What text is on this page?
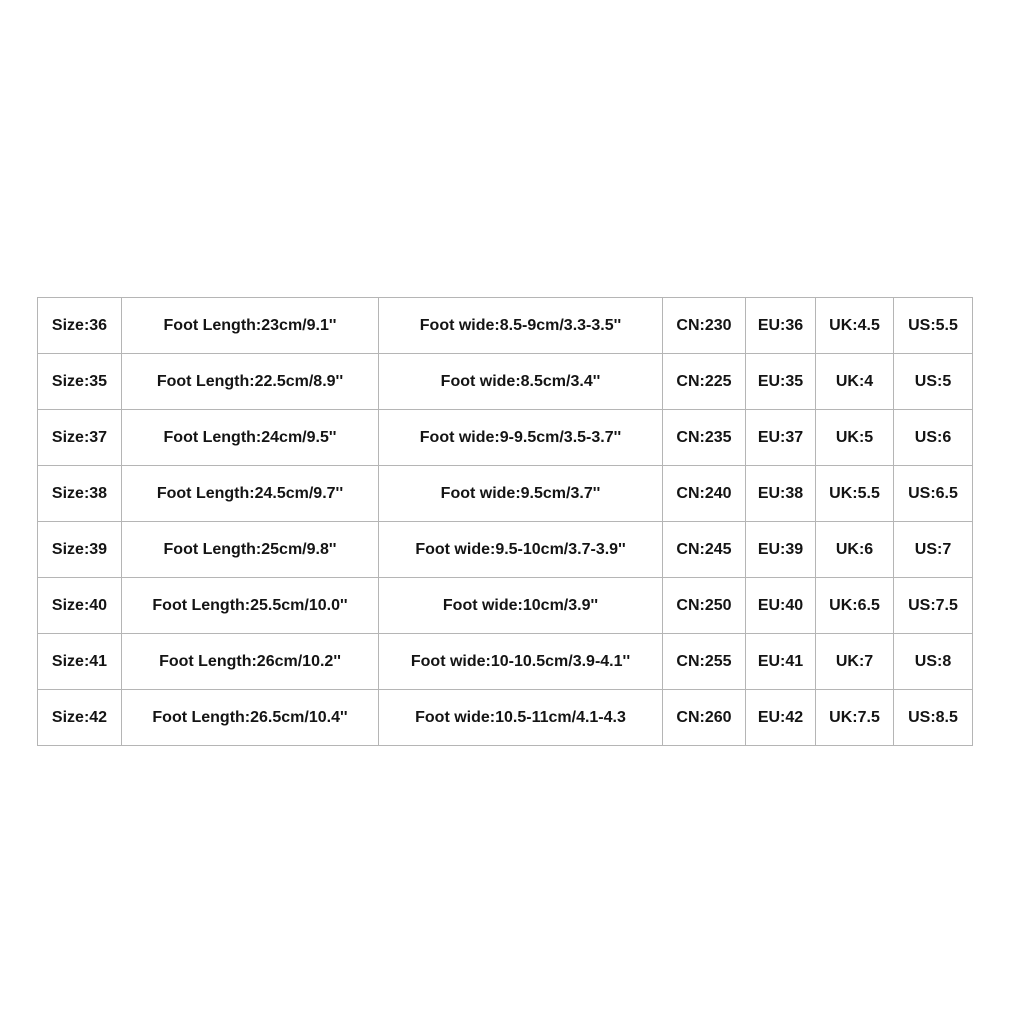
Size:36	Foot Length:23cm/9.1''	Foot wide:8.5-9cm/3.3-3.5''	CN:230	EU:36	UK:4.5	US:5.5
Size:35	Foot Length:22.5cm/8.9''	Foot wide:8.5cm/3.4''	CN:225	EU:35	UK:4	US:5
Size:37	Foot Length:24cm/9.5''	Foot wide:9-9.5cm/3.5-3.7''	CN:235	EU:37	UK:5	US:6
Size:38	Foot Length:24.5cm/9.7''	Foot wide:9.5cm/3.7''	CN:240	EU:38	UK:5.5	US:6.5
Size:39	Foot Length:25cm/9.8''	Foot wide:9.5-10cm/3.7-3.9''	CN:245	EU:39	UK:6	US:7
Size:40	Foot Length:25.5cm/10.0''	Foot wide:10cm/3.9''	CN:250	EU:40	UK:6.5	US:7.5
Size:41	Foot Length:26cm/10.2''	Foot wide:10-10.5cm/3.9-4.1''	CN:255	EU:41	UK:7	US:8
Size:42	Foot Length:26.5cm/10.4''	Foot wide:10.5-11cm/4.1-4.3	CN:260	EU:42	UK:7.5	US:8.5
